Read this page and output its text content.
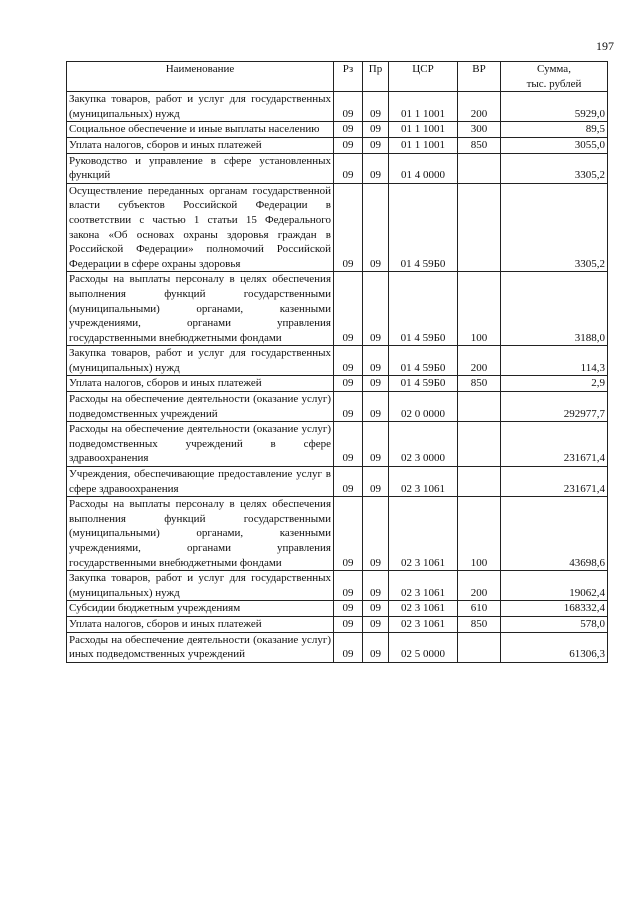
197
Наименование	Рз	Пр	ЦСР	ВР	Сумма,
тыс. рублей

Закупка товаров, работ и услуг для государственных (муниципальных) нужд	09	09	01 1 1001	200	5929,0
Социальное обеспечение и иные выплаты населению	09	09	01 1 1001	300	89,5
Уплата налогов, сборов и иных платежей	09	09	01 1 1001	850	3055,0
Руководство и управление в сфере установленных функций	09	09	01 4 0000		3305,2
Осуществление переданных органам государственной власти субъектов Российской Федерации в соответствии с частью 1 статьи 15 Федерального закона «Об основах охраны здоровья граждан в Российской Федерации» полномочий Российской Федерации в сфере охраны здоровья	09	09	01 4 59Б0		3305,2
Расходы на выплаты персоналу в целях обеспечения выполнения функций государственными (муниципальными) органами, казенными учреждениями, органами управления государственными внебюджетными фондами	09	09	01 4 59Б0	100	3188,0
Закупка товаров, работ и услуг для государственных (муниципальных) нужд	09	09	01 4 59Б0	200	114,3
Уплата налогов, сборов и иных платежей	09	09	01 4 59Б0	850	2,9
Расходы на обеспечение деятельности (оказание услуг) подведомственных учреждений	09	09	02 0 0000		292977,7
Расходы на обеспечение деятельности (оказание услуг) подведомственных учреждений в сфере здравоохранения	09	09	02 3 0000		231671,4
Учреждения, обеспечивающие предоставление услуг в сфере здравоохранения	09	09	02 3 1061		231671,4
Расходы на выплаты персоналу в целях обеспечения выполнения функций государственными (муниципальными) органами, казенными учреждениями, органами управления государственными внебюджетными фондами	09	09	02 3 1061	100	43698,6
Закупка товаров, работ и услуг для государственных (муниципальных) нужд	09	09	02 3 1061	200	19062,4
Субсидии бюджетным учреждениям	09	09	02 3 1061	610	168332,4
Уплата налогов, сборов и иных платежей	09	09	02 3 1061	850	578,0
Расходы на обеспечение деятельности (оказание услуг) иных подведомственных учреждений	09	09	02 5 0000		61306,3
